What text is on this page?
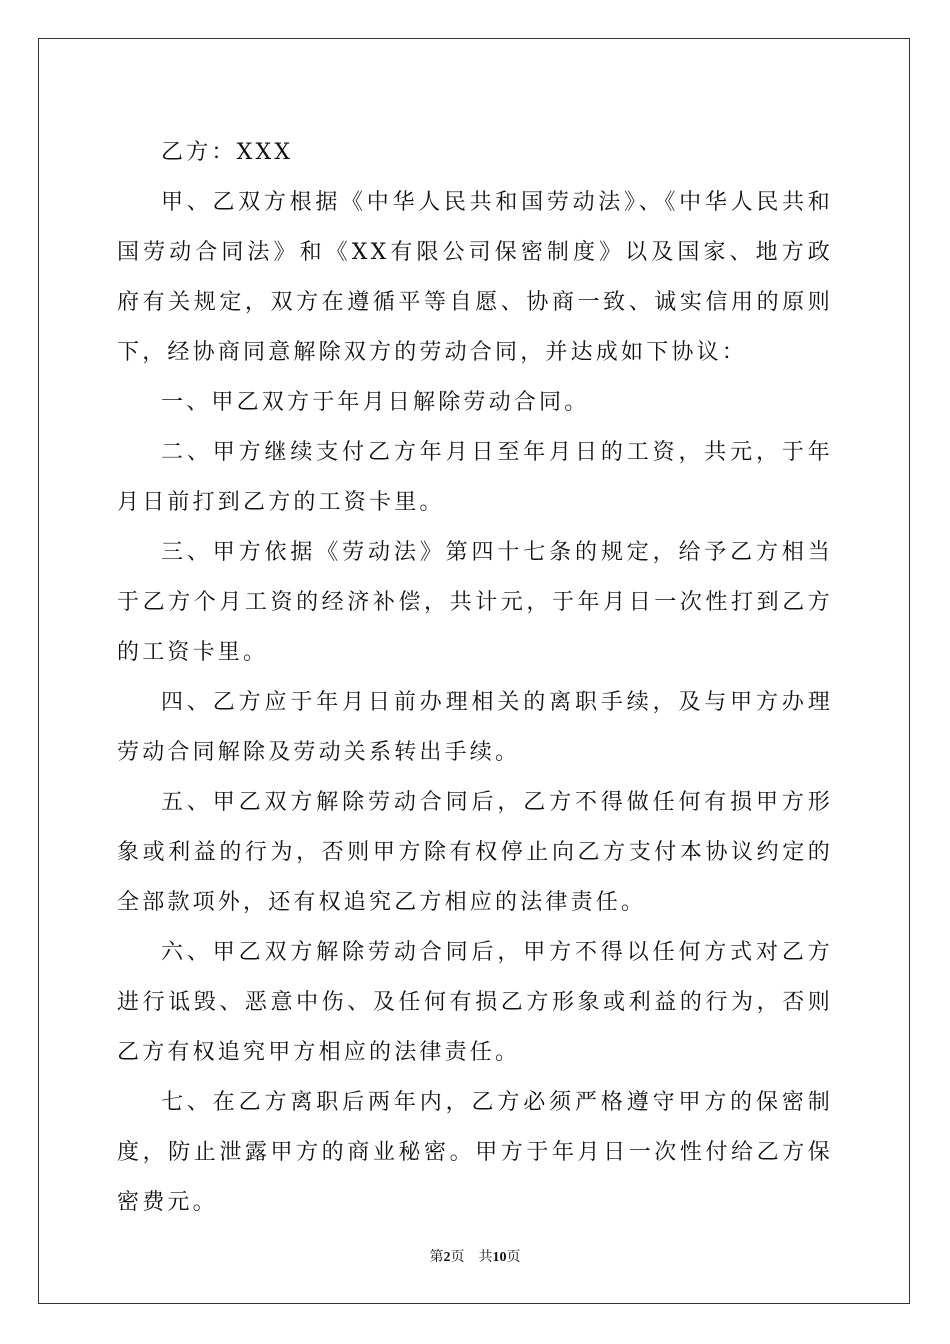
乙方：XXX

甲、乙双方根据《中华人民共和国劳动法》、《中华人民共和国劳动合同法》和《XX有限公司保密制度》以及国家、地方政府有关规定，双方在遵循平等自愿、协商一致、诚实信用的原则下，经协商同意解除双方的劳动合同，并达成如下协议：

一、甲乙双方于年月日解除劳动合同。

二、甲方继续支付乙方年月日至年月日的工资，共元，于年月日前打到乙方的工资卡里。

三、甲方依据《劳动法》第四十七条的规定，给予乙方相当于乙方个月工资的经济补偿，共计元，于年月日一次性打到乙方的工资卡里。

四、乙方应于年月日前办理相关的离职手续，及与甲方办理劳动合同解除及劳动关系转出手续。

五、甲乙双方解除劳动合同后，乙方不得做任何有损甲方形象或利益的行为，否则甲方除有权停止向乙方支付本协议约定的全部款项外，还有权追究乙方相应的法律责任。

六、甲乙双方解除劳动合同后，甲方不得以任何方式对乙方进行诋毁、恶意中伤、及任何有损乙方形象或利益的行为，否则乙方有权追究甲方相应的法律责任。

七、在乙方离职后两年内，乙方必须严格遵守甲方的保密制度，防止泄露甲方的商业秘密。甲方于年月日一次性付给乙方保密费元。

第2页 共10页
